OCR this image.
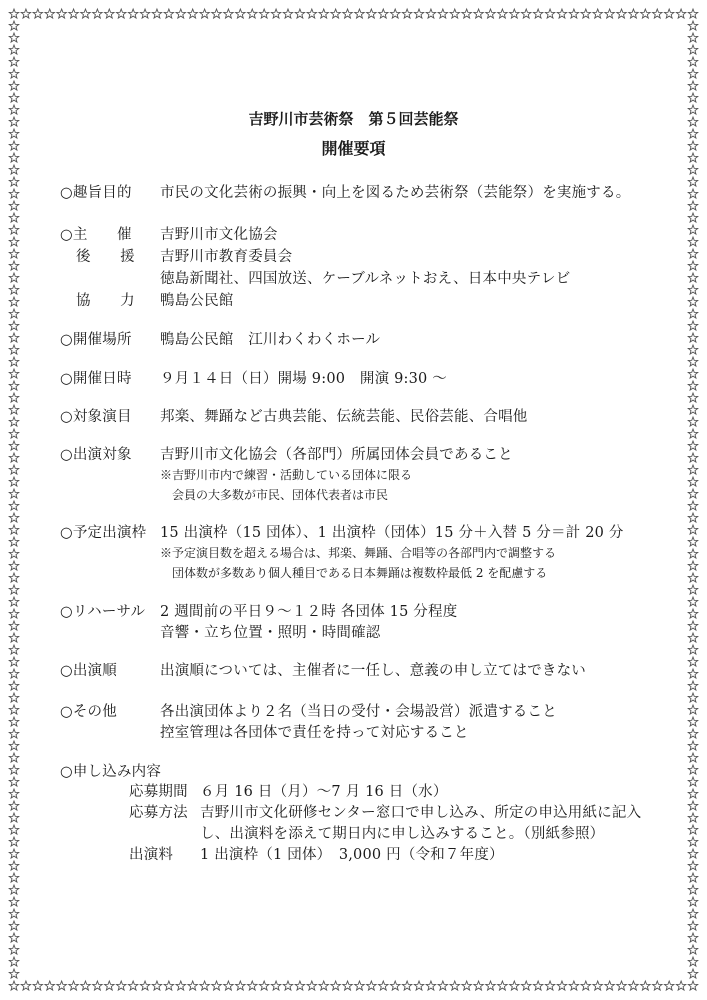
吉野川市芸術祭　第５回芸能祭
開催要項
○趣旨目的 市民の文化芸術の振興・向上を図るため芸術祭（芸能祭）を実施する。
○主　　催 吉野川市文化協会
後　　援 吉野川市教育委員会
徳島新聞社、四国放送、ケーブルネットおえ、日本中央テレビ
協　　力 鴨島公民館
○開催場所 鴨島公民館　江川わくわくホール
○開催日時 ９月１４日（日）開場 9:00　開演 9:30 ～
○対象演目 邦楽、舞踊など古典芸能、伝統芸能、民俗芸能、合唱他
○出演対象 吉野川市文化協会（各部門）所属団体会員であること
※吉野川市内で練習・活動している団体に限る
会員の大多数が市民、団体代表者は市民
○予定出演枠 15 出演枠（15 団体）、1 出演枠（団体）15 分＋入替 5 分＝計 20 分
※予定演目数を超える場合は、邦楽、舞踊、合唱等の各部門内で調整する
団体数が多数あり個人種目である日本舞踊は複数枠最低 2 を配慮する
○リハーサル 2 週間前の平日９～１２時 各団体 15 分程度
音響・立ち位置・照明・時間確認
○出演順	出演順については、主催者に一任し、意義の申し立てはできない
○その他	各出演団体より２名（当日の受付・会場設営）派遣すること
控室管理は各団体で責任を持って対応すること
○申し込み内容
応募期間 ６月 16 日（月）～7 月 16 日（水）
応募方法 吉野川市文化研修センター窓口で申し込み、所定の申込用紙に記入
し、出演料を添えて期日内に申し込みすること。（別紙参照）
出演料 1 出演枠（1 団体）　3,000 円（令和７年度）
